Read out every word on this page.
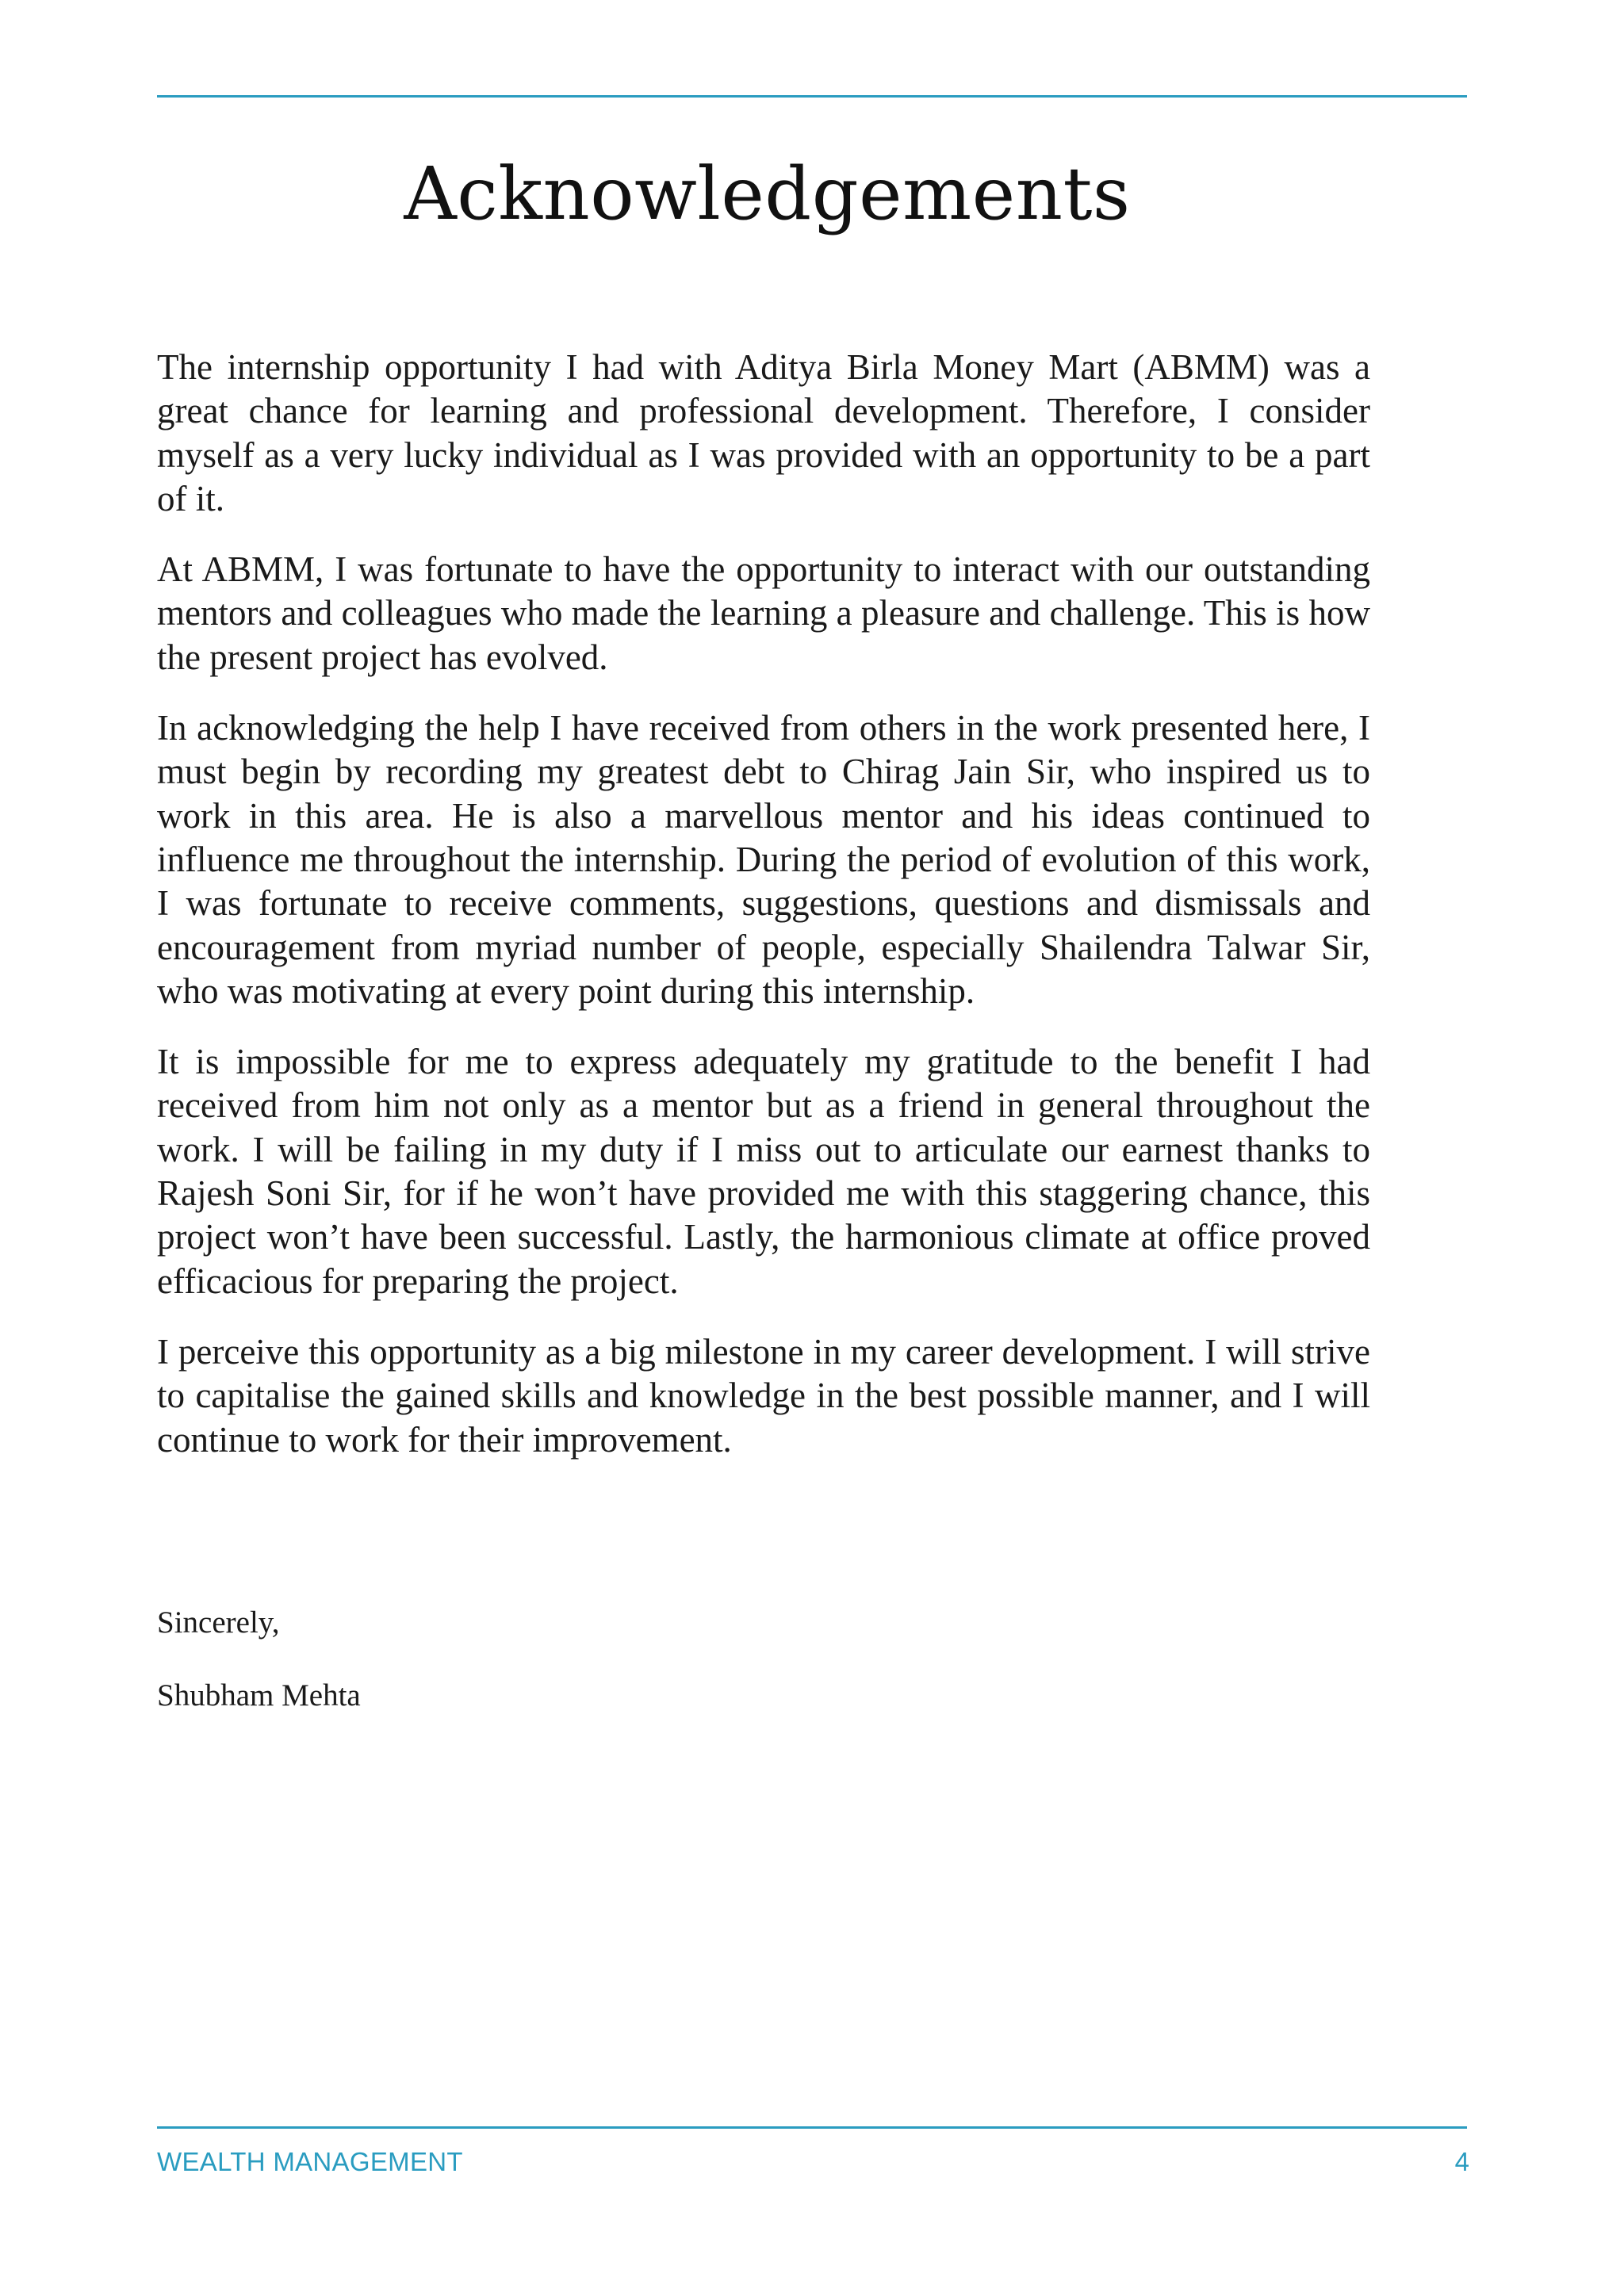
Acknowledgements

The internship opportunity I had with Aditya Birla Money Mart (ABMM) was a great chance for learning and professional development. Therefore, I consider myself as a very lucky individual as I was provided with an opportunity to be a part of it.

At ABMM, I was fortunate to have the opportunity to interact with our outstanding mentors and colleagues who made the learning a pleasure and challenge. This is how the present project has evolved.

In acknowledging the help I have received from others in the work presented here, I must begin by recording my greatest debt to Chirag Jain Sir, who inspired us to work in this area. He is also a marvellous mentor and his ideas continued to influence me throughout the internship. During the period of evolution of this work, I was fortunate to receive comments, suggestions, questions and dismissals and encouragement from myriad number of people, especially Shailendra Talwar Sir, who was motivating at every point during this internship.

It is impossible for me to express adequately my gratitude to the benefit I had received from him not only as a mentor but as a friend in general throughout the work. I will be failing in my duty if I miss out to articulate our earnest thanks to Rajesh Soni Sir, for if he won’t have provided me with this staggering chance, this project won’t have been successful. Lastly, the harmonious climate at office proved efficacious for preparing the project.

I perceive this opportunity as a big milestone in my career development. I will strive to capitalise the gained skills and knowledge in the best possible manner, and I will continue to work for their improvement.

Sincerely,

Shubham Mehta

WEALTH MANAGEMENT	4
